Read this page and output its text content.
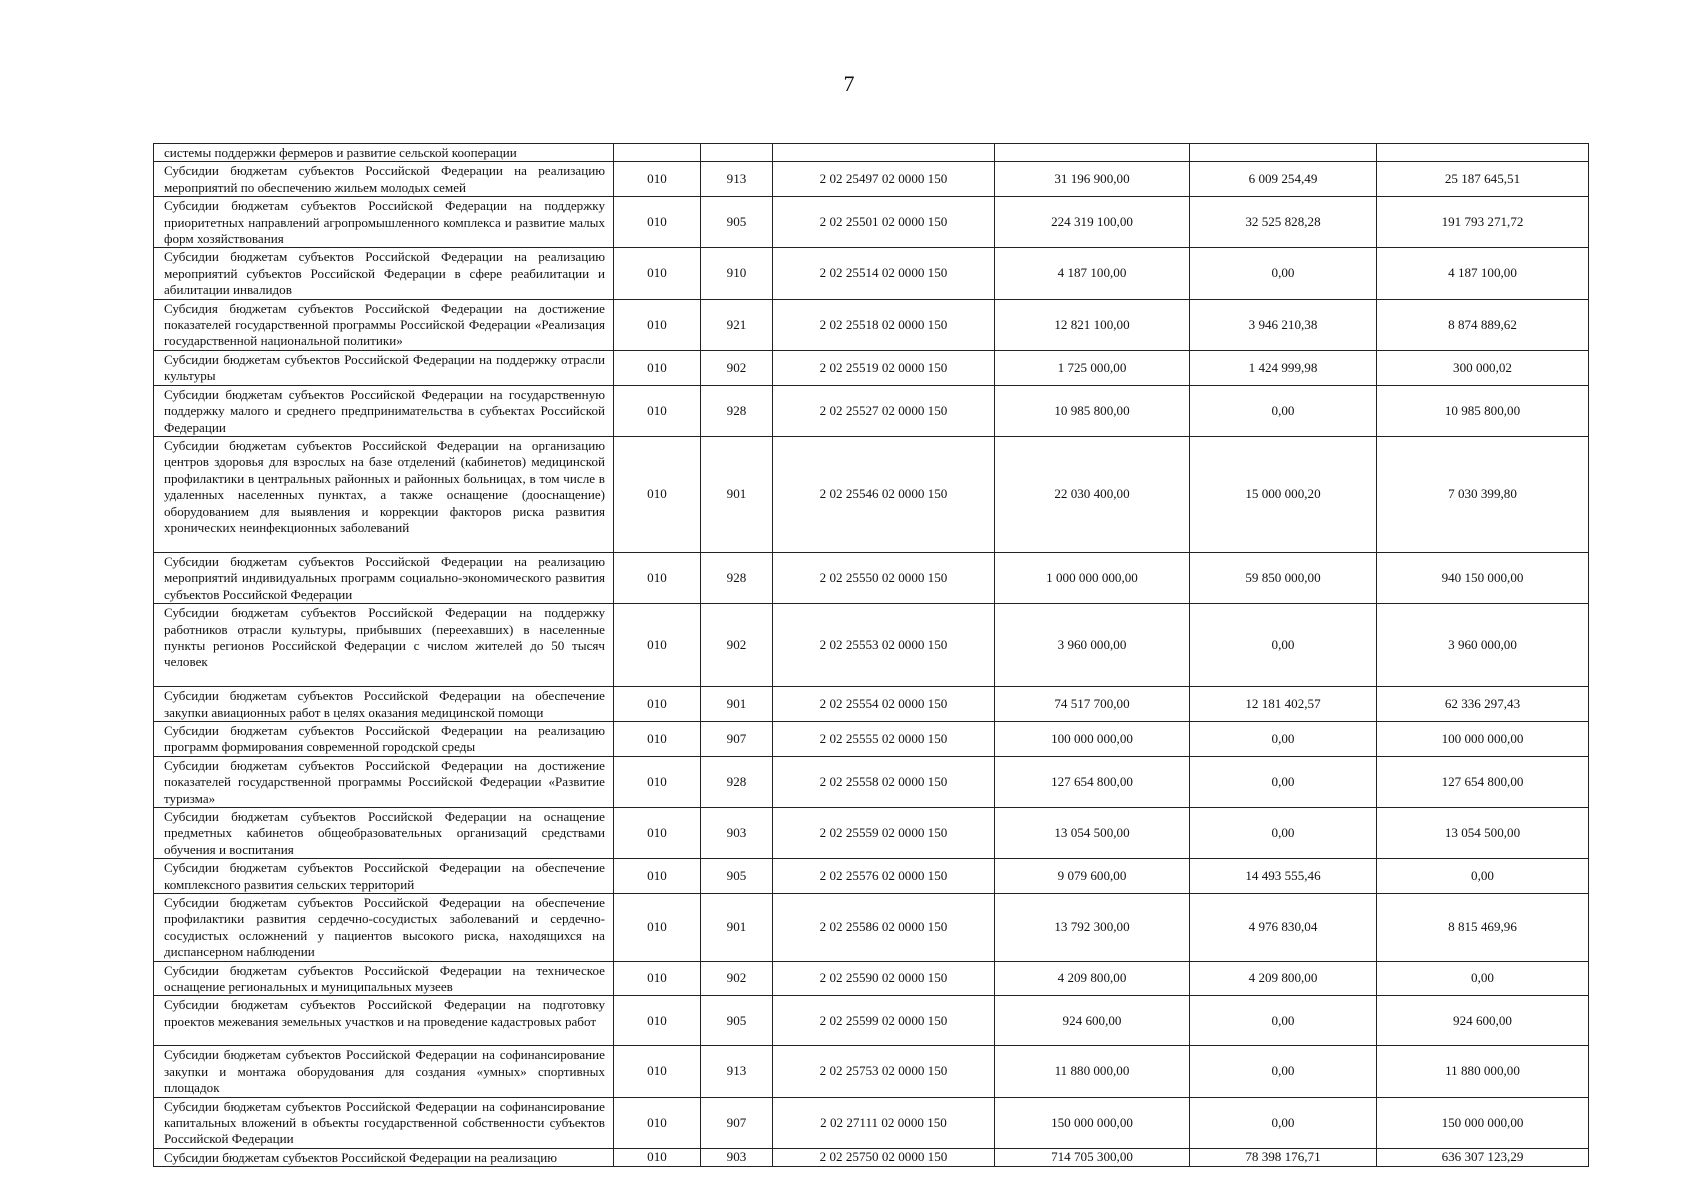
7
системы поддержки фермеров и развитие сельской кооперации						
Субсидии бюджетам субъектов Российской Федерации на реализацию мероприятий по обеспечению жильем молодых семей	010	913	2 02 25497 02 0000 150	31 196 900,00	6 009 254,49	25 187 645,51
Субсидии бюджетам субъектов Российской Федерации на поддержку приоритетных направлений агропромышленного комплекса и развитие малых форм хозяйствования	010	905	2 02 25501 02 0000 150	224 319 100,00	32 525 828,28	191 793 271,72
Субсидии бюджетам субъектов Российской Федерации на реализацию мероприятий субъектов Российской Федерации в сфере реабилитации и абилитации инвалидов	010	910	2 02 25514 02 0000 150	4 187 100,00	0,00	4 187 100,00
Субсидия бюджетам субъектов Российской Федерации на достижение показателей государственной программы Российской Федерации «Реализация государственной национальной политики»	010	921	2 02 25518 02 0000 150	12 821 100,00	3 946 210,38	8 874 889,62
Субсидии бюджетам субъектов Российской Федерации на поддержку отрасли культуры	010	902	2 02 25519 02 0000 150	1 725 000,00	1 424 999,98	300 000,02
Субсидии бюджетам субъектов Российской Федерации на государственную поддержку малого и среднего предпринимательства в субъектах Российской Федерации	010	928	2 02 25527 02 0000 150	10 985 800,00	0,00	10 985 800,00
Субсидии бюджетам субъектов Российской Федерации на организацию центров здоровья для взрослых на базе отделений (кабинетов) медицинской профилактики в центральных районных и районных больницах, в том числе в удаленных населенных пунктах, а также оснащение (дооснащение) оборудованием для выявления и коррекции факторов риска развития хронических неинфекционных заболеваний	010	901	2 02 25546 02 0000 150	22 030 400,00	15 000 000,20	7 030 399,80
Субсидии бюджетам субъектов Российской Федерации на реализацию мероприятий индивидуальных программ социально-экономического развития субъектов Российской Федерации	010	928	2 02 25550 02 0000 150	1 000 000 000,00	59 850 000,00	940 150 000,00
Субсидии бюджетам субъектов Российской Федерации на поддержку работников отрасли культуры, прибывших (переехавших) в населенные пункты регионов Российской Федерации с числом жителей до 50 тысяч человек	010	902	2 02 25553 02 0000 150	3 960 000,00	0,00	3 960 000,00
Субсидии бюджетам субъектов Российской Федерации на обеспечение закупки авиационных работ в целях оказания медицинской помощи	010	901	2 02 25554 02 0000 150	74 517 700,00	12 181 402,57	62 336 297,43
Субсидии бюджетам субъектов Российской Федерации на реализацию программ формирования современной городской среды	010	907	2 02 25555 02 0000 150	100 000 000,00	0,00	100 000 000,00
Субсидии бюджетам субъектов Российской Федерации на достижение показателей государственной программы Российской Федерации «Развитие туризма»	010	928	2 02 25558 02 0000 150	127 654 800,00	0,00	127 654 800,00
Субсидии бюджетам субъектов Российской Федерации на оснащение предметных кабинетов общеобразовательных организаций средствами обучения и воспитания	010	903	2 02 25559 02 0000 150	13 054 500,00	0,00	13 054 500,00
Субсидии бюджетам субъектов Российской Федерации на обеспечение комплексного развития сельских территорий	010	905	2 02 25576 02 0000 150	9 079 600,00	14 493 555,46	0,00
Субсидии бюджетам субъектов Российской Федерации на обеспечение профилактики развития сердечно-сосудистых заболеваний и сердечно-сосудистых осложнений у пациентов высокого риска, находящихся на диспансерном наблюдении	010	901	2 02 25586 02 0000 150	13 792 300,00	4 976 830,04	8 815 469,96
Субсидии бюджетам субъектов Российской Федерации на техническое оснащение региональных и муниципальных музеев	010	902	2 02 25590 02 0000 150	4 209 800,00	4 209 800,00	0,00
Субсидии бюджетам субъектов Российской Федерации на подготовку проектов межевания земельных участков и на проведение кадастровых работ	010	905	2 02 25599 02 0000 150	924 600,00	0,00	924 600,00
Субсидии бюджетам субъектов Российской Федерации на софинансирование закупки и монтажа оборудования для создания «умных» спортивных площадок	010	913	2 02 25753 02 0000 150	11 880 000,00	0,00	11 880 000,00
Субсидии бюджетам субъектов Российской Федерации на софинансирование капитальных вложений в объекты государственной собственности субъектов Российской Федерации	010	907	2 02 27111 02 0000 150	150 000 000,00	0,00	150 000 000,00
Субсидии бюджетам субъектов Российской Федерации на реализацию	010	903	2 02 25750 02 0000 150	714 705 300,00	78 398 176,71	636 307 123,29
